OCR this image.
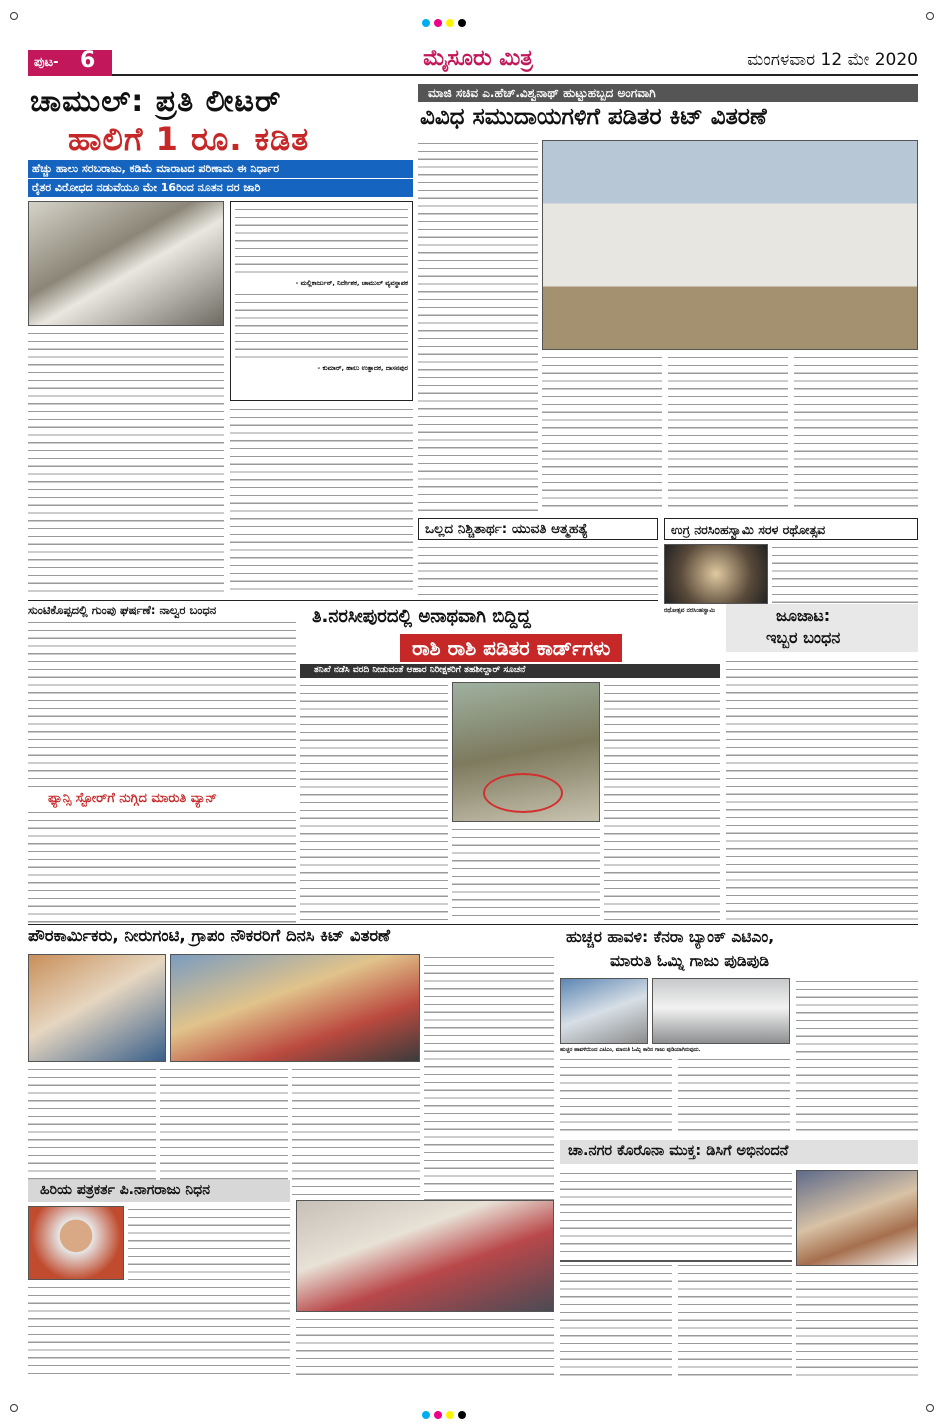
ಪುಟ- 6	ಮೈಸೂರು ಮಿತ್ರ	ಮಂಗಳವಾರ 12 ಮೇ 2020
ಚಾಮುಲ್: ಪ್ರತಿ ಲೀಟರ್
ಹಾಲಿಗೆ 1 ರೂ. ಕಡಿತ
ಹೆಚ್ಚು ಹಾಲು ಸರಬರಾಜು, ಕಡಿಮೆ ಮಾರಾಟದ ಪರಿಣಾಮ ಈ ನಿರ್ಧಾರ
ರೈತರ ವಿರೋಧದ ನಡುವೆಯೂ ಮೇ 16ರಿಂದ ನೂತನ ದರ ಜಾರಿ
- ಮಲ್ಲಿಕಾರ್ಜುನ್, ನಿರ್ದೇಶಕ, ಚಾಮುಲ್ ವ್ಯವಸ್ಥಾಪಕ
- ಕುಮಾರ್, ಹಾಲು ಉತ್ಪಾದಕ, ದಾಸನಪುರ
ಮಾಜಿ ಸಚಿವ ಎ.ಹೆಚ್.ವಿಶ್ವನಾಥ್ ಹುಟ್ಟುಹಬ್ಬದ ಅಂಗವಾಗಿ
ವಿವಿಧ ಸಮುದಾಯಗಳಿಗೆ ಪಡಿತರ ಕಿಟ್ ವಿತರಣೆ
ಒಲ್ಲದ ನಿಶ್ಚಿತಾರ್ಥ: ಯುವತಿ ಆತ್ಮಹತ್ಯೆ	ಉಗ್ರ ನರಸಿಂಹಸ್ವಾಮಿ ಸರಳ ರಥೋತ್ಸವ
ರಥೋತ್ಸವ ನರಸಿಂಹಸ್ವಾಮಿ
ಸುಂಟಿಕೊಪ್ಪದಲ್ಲಿ ಗುಂಪು ಘರ್ಷಣೆ: ನಾಲ್ವರ ಬಂಧನ
ಫ್ಯಾನ್ಸಿ ಸ್ಟೋರ್‌ಗೆ ನುಗ್ಗಿದ ಮಾರುತಿ ವ್ಯಾನ್
ತಿ.ನರಸೀಪುರದಲ್ಲಿ ಅನಾಥವಾಗಿ ಬಿದ್ದಿದ್ದ
ರಾಶಿ ರಾಶಿ ಪಡಿತರ ಕಾರ್ಡ್‌ಗಳು
ತನಿಖೆ ನಡೆಸಿ ವರದಿ ನೀಡುವಂತೆ ಆಹಾರ ನಿರೀಕ್ಷಕರಿಗೆ ತಹಶೀಲ್ದಾರ್ ಸೂಚನೆ
ಜೂಜಾಟ:
ಇಬ್ಬರ ಬಂಧನ
ಪೌರಕಾರ್ಮಿಕರು, ನೀರುಗಂಟಿ, ಗ್ರಾಪಂ ನೌಕರರಿಗೆ ದಿನಸಿ ಕಿಟ್ ವಿತರಣೆ
ಹಿರಿಯ ಪತ್ರಕರ್ತ ಪಿ.ನಾಗರಾಜು ನಿಧನ
ಹುಚ್ಚರ ಹಾವಳಿ: ಕೆನರಾ ಬ್ಯಾಂಕ್ ಎಟಿಎಂ,
ಮಾರುತಿ ಓಮ್ನಿ ಗಾಜು ಪುಡಿಪುಡಿ
ಹುಚ್ಚರ ಹಾವಳಿಯಿಂದ ಎಟಿಎಂ, ಮಾರುತಿ ಓಮ್ನಿ ಕಾರಿನ ಗಾಜು ಪುಡಿಯಾಗಿರುವುದು.
ಚಾ.ನಗರ ಕೊರೊನಾ ಮುಕ್ತ: ಡಿಸಿಗೆ ಅಭಿನಂದನೆ
